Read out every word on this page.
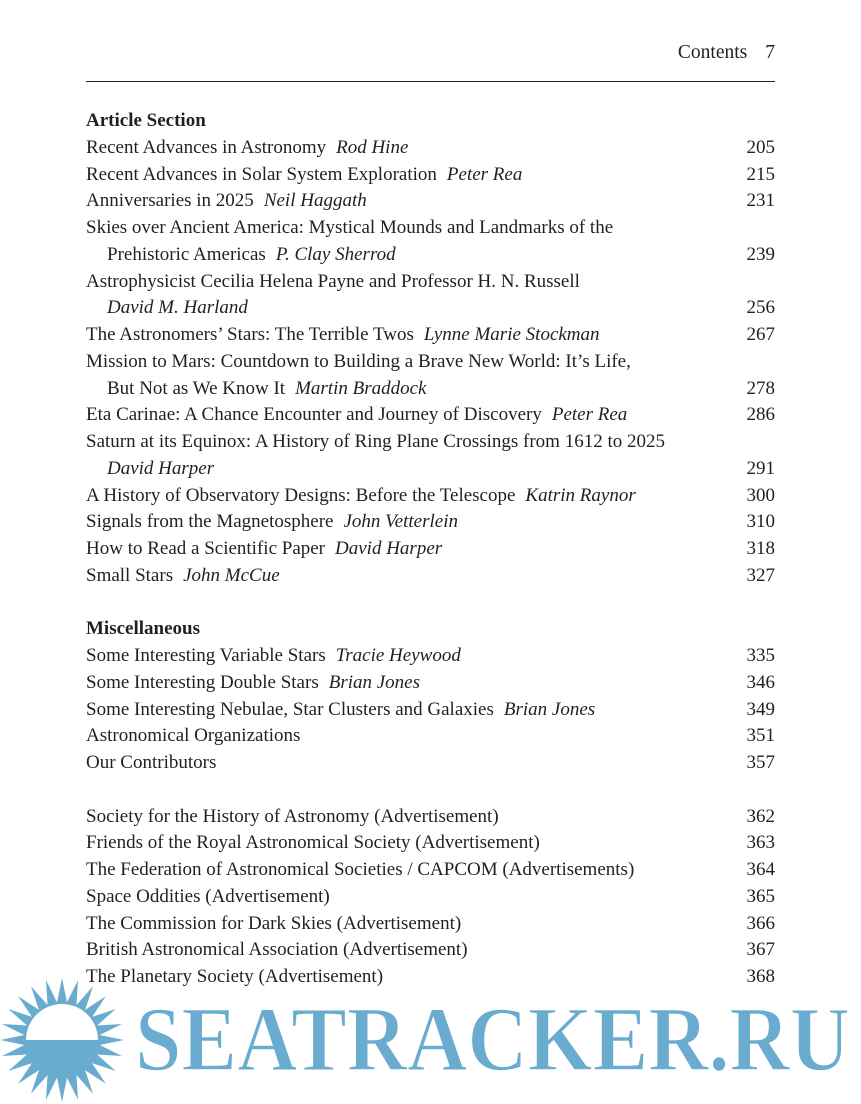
Contents 7
Article Section
Recent Advances in Astronomy Rod Hine	205
Recent Advances in Solar System Exploration Peter Rea	215
Anniversaries in 2025 Neil Haggath	231
Skies over Ancient America: Mystical Mounds and Landmarks of the
Prehistoric Americas P. Clay Sherrod	239
Astrophysicist Cecilia Helena Payne and Professor H. N. Russell
David M. Harland	256
The Astronomers’ Stars: The Terrible Twos Lynne Marie Stockman	267
Mission to Mars: Countdown to Building a Brave New World: It’s Life,
But Not as We Know It Martin Braddock	278
Eta Carinae: A Chance Encounter and Journey of Discovery Peter Rea	286
Saturn at its Equinox: A History of Ring Plane Crossings from 1612 to 2025
David Harper	291
A History of Observatory Designs: Before the Telescope Katrin Raynor	300
Signals from the Magnetosphere John Vetterlein	310
How to Read a Scientific Paper David Harper	318
Small Stars John McCue	327
Miscellaneous
Some Interesting Variable Stars Tracie Heywood	335
Some Interesting Double Stars Brian Jones	346
Some Interesting Nebulae, Star Clusters and Galaxies Brian Jones	349
Astronomical Organizations	351
Our Contributors	357
Society for the History of Astronomy (Advertisement)	362
Friends of the Royal Astronomical Society (Advertisement)	363
The Federation of Astronomical Societies / CAPCOM (Advertisements)	364
Space Oddities (Advertisement)	365
The Commission for Dark Skies (Advertisement)	366
British Astronomical Association (Advertisement)	367
The Planetary Society (Advertisement)	368
SEATRACKER.RU
